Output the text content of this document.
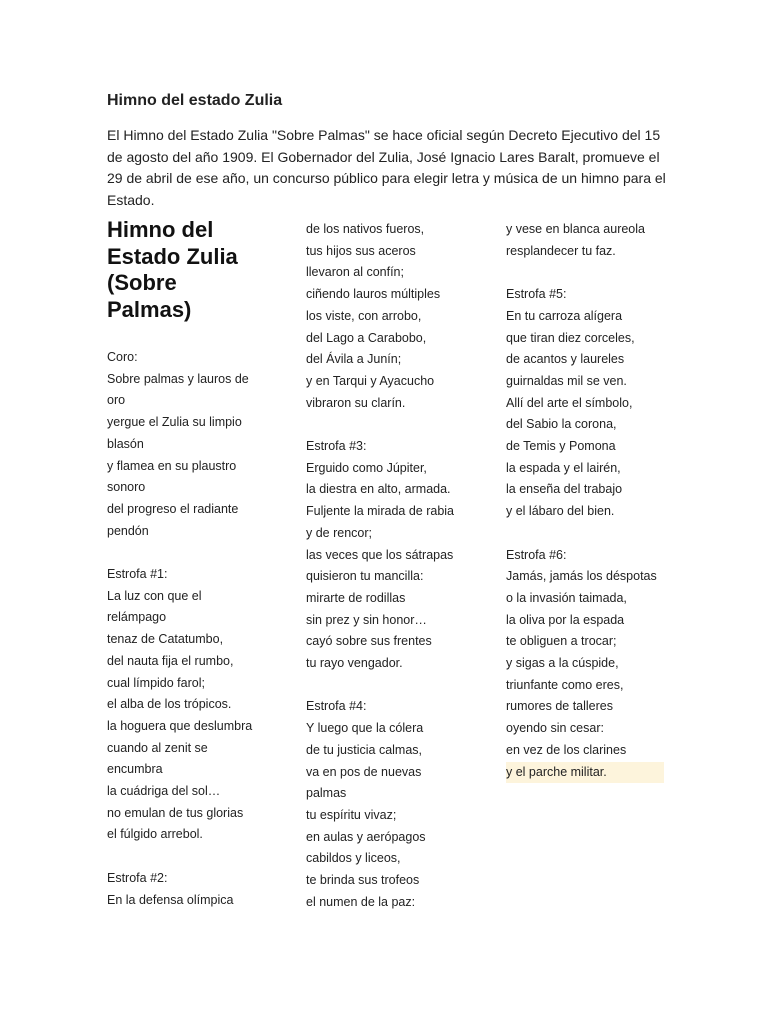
Himno del estado Zulia

El Himno del Estado Zulia "Sobre Palmas" se hace oficial según Decreto Ejecutivo del 15 de agosto del año 1909. El Gobernador del Zulia, José Ignacio Lares Baralt, promueve el 29 de abril de ese año, un concurso público para elegir letra y música de un himno para el Estado.

Himno del
Estado Zulia
(Sobre
Palmas)
Coro:
Sobre palmas y lauros de
oro
yergue el Zulia su limpio
blasón
y flamea en su plaustro
sonoro
del progreso el radiante
pendón
Estrofa #1:
La luz con que el
relámpago
tenaz de Catatumbo,
del nauta fija el rumbo,
cual límpido farol;
el alba de los trópicos.
la hoguera que deslumbra
cuando al zenit se
encumbra
la cuádriga del sol…
no emulan de tus glorias
el fúlgido arrebol.
Estrofa #2:
En la defensa olímpica
de los nativos fueros,
tus hijos sus aceros
llevaron al confín;
ciñendo lauros múltiples
los viste, con arrobo,
del Lago a Carabobo,
del Ávila a Junín;
y en Tarqui y Ayacucho
vibraron su clarín.
Estrofa #3:
Erguido como Júpiter,
la diestra en alto, armada.
Fuljente la mirada de rabia
y de rencor;
las veces que los sátrapas
quisieron tu mancilla:
mirarte de rodillas
sin prez y sin honor…
cayó sobre sus frentes
tu rayo vengador.
Estrofa #4:
Y luego que la cólera
de tu justicia calmas,
va en pos de nuevas
palmas
tu espíritu vivaz;
en aulas y aerópagos
cabildos y liceos,
te brinda sus trofeos
el numen de la paz:
y vese en blanca aureola
resplandecer tu faz.
Estrofa #5:
En tu carroza alígera
que tiran diez corceles,
de acantos y laureles
guirnaldas mil se ven.
Allí del arte el símbolo,
del Sabio la corona,
de Temis y Pomona
la espada y el lairén,
la enseña del trabajo
y el lábaro del bien.
Estrofa #6:
Jamás, jamás los déspotas
o la invasión taimada,
la oliva por la espada
te obliguen a trocar;
y sigas a la cúspide,
triunfante como eres,
rumores de talleres
oyendo sin cesar:
en vez de los clarines
y el parche militar.
